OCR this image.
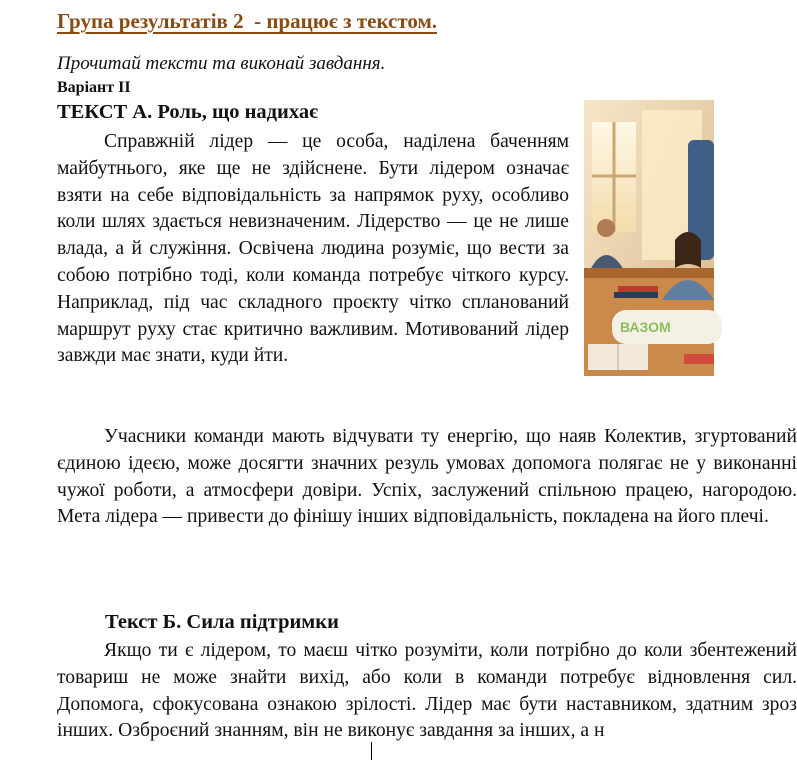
Група результатів 2  - працює з текстом.
Прочитай тексти та виконай завдання.
Варіант ІІ
ТЕКСТ А. Роль, що надихає
Справжній лідер — це особа, наділена баченням майбутнього, яке ще не здійснене. Бути лідером означає взяти на себе відповідальність за напрямок руху, особливо коли шлях здається невизначеним. Лідерство — це не лише влада, а й служіння. Освічена людина розуміє, що вести за собою потрібно тоді, коли команда потребує чіткого курсу. Наприклад, під час складного проєкту чітко спланований маршрут руху стає критично важливим. Мотивований лідер завжди має знати, куди йти.
ВАЗОМ
Учасники команди мають відчувати ту енергію, що наяв Колектив, згуртований єдиною ідеєю, може досягти значних резуль умовах допомога полягає не у виконанні чужої роботи, а атмосфери довіри. Успіх, заслужений спільною працею, нагородою. Мета лідера — привести до фінішу інших відповідальність, покладена на його плечі.
Текст Б. Сила підтримки
Якщо ти є лідером, то маєш чітко розуміти, коли потрібно до коли збентежений товариш не може знайти вихід, або коли в команди потребує відновлення сил. Допомога, сфокусована ознакою зрілості. Лідер має бути наставником, здатним зроз інших. Озброєний знанням, він не виконує завдання за інших, а н
